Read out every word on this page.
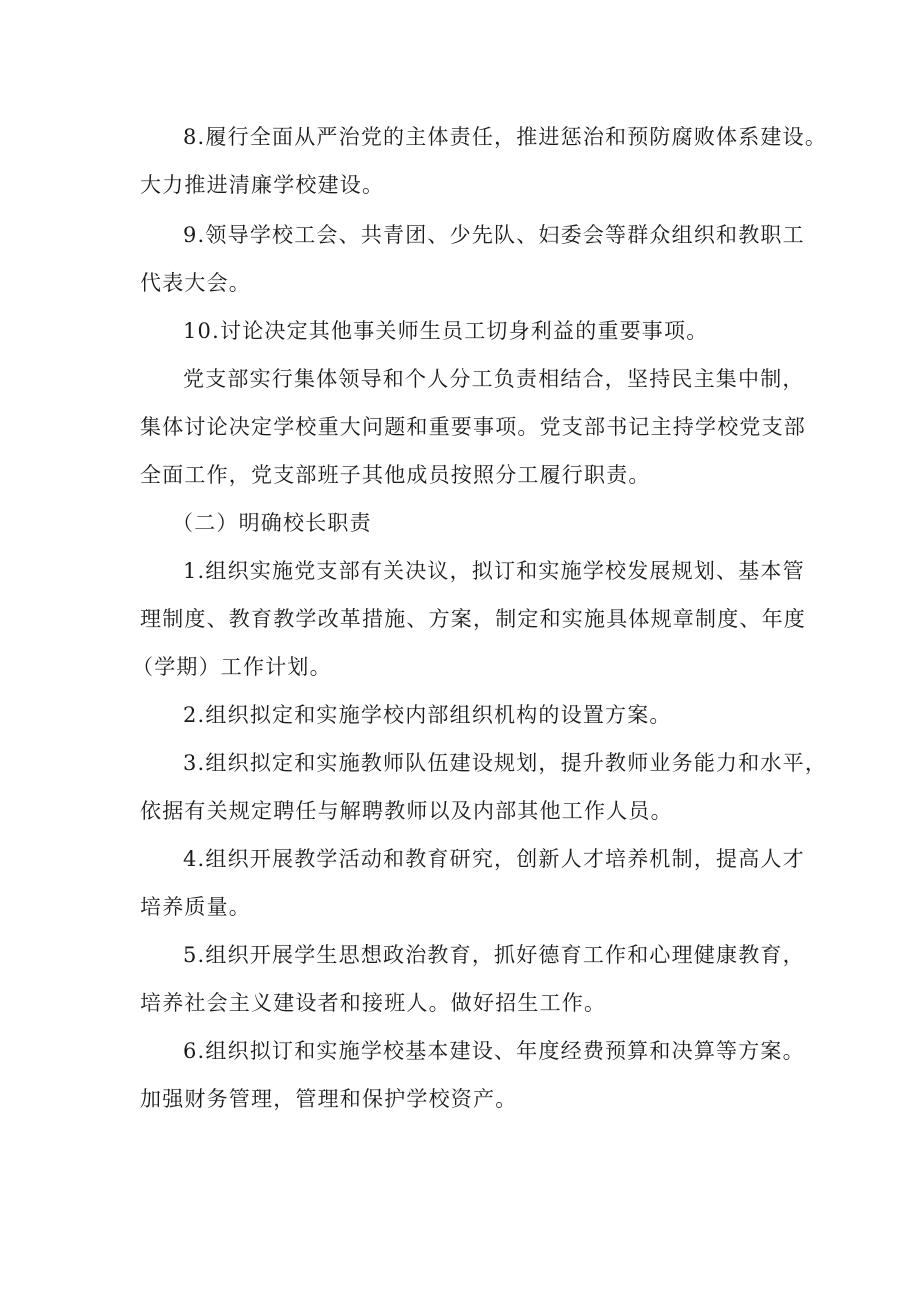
8.履行全面从严治党的主体责任，推进惩治和预防腐败体系建设。
大力推进清廉学校建设。
9.领导学校工会、共青团、少先队、妇委会等群众组织和教职工
代表大会。
10.讨论决定其他事关师生员工切身利益的重要事项。
党支部实行集体领导和个人分工负责相结合，坚持民主集中制，
集体讨论决定学校重大问题和重要事项。党支部书记主持学校党支部
全面工作，党支部班子其他成员按照分工履行职责。
（二）明确校长职责
1.组织实施党支部有关决议，拟订和实施学校发展规划、基本管
理制度、教育教学改革措施、方案，制定和实施具体规章制度、年度
（学期）工作计划。
2.组织拟定和实施学校内部组织机构的设置方案。
3.组织拟定和实施教师队伍建设规划，提升教师业务能力和水平，
依据有关规定聘任与解聘教师以及内部其他工作人员。
4.组织开展教学活动和教育研究，创新人才培养机制，提高人才
培养质量。
5.组织开展学生思想政治教育，抓好德育工作和心理健康教育，
培养社会主义建设者和接班人。做好招生工作。
6.组织拟订和实施学校基本建设、年度经费预算和决算等方案。
加强财务管理，管理和保护学校资产。
